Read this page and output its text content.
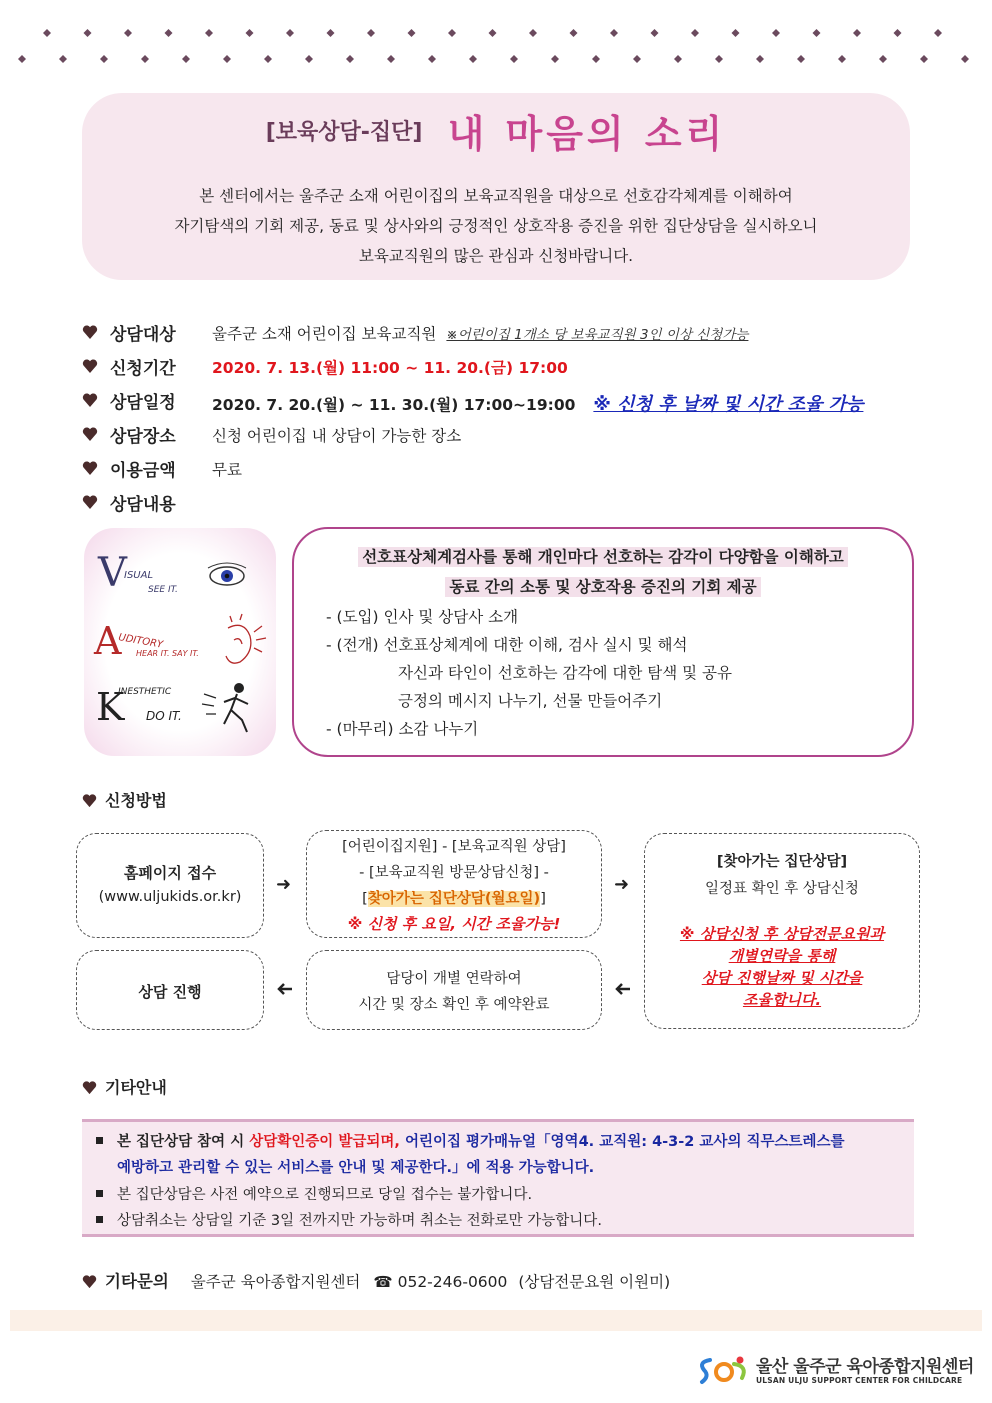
[보육상담-집단] 내 마음의 소리
본 센터에서는 울주군 소재 어린이집의 보육교직원을 대상으로 선호감각체계를 이해하여
자기탐색의 기회 제공, 동료 및 상사와의 긍정적인 상호작용 증진을 위한 집단상담을 실시하오니
보육교직원의 많은 관심과 신청바랍니다.
상담대상 울주군 소재 어린이집 보육교직원 ※어린이집 1개소 당 보육교직원 3인 이상 신청가능
신청기간 2020. 7. 13.(월) 11:00 ~ 11. 20.(금) 17:00
상담일정 2020. 7. 20.(월) ~ 11. 30.(월) 17:00~19:00 ※ 신청 후 날짜 및 시간 조율 가능
상담장소 신청 어린이집 내 상담이 가능한 장소
이용금액 무료
상담내용
V
ISUAL
SEE IT.
A
UDITORY
HEAR IT. SAY IT.
K
INESTHETIC
DO IT.
선호표상체계검사를 통해 개인마다 선호하는 감각이 다양함을 이해하고
동료 간의 소통 및 상호작용 증진의 기회 제공
- (도입) 인사 및 상담사 소개
- (전개) 선호표상체계에 대한 이해, 검사 실시 및 해석
자신과 타인이 선호하는 감각에 대한 탐색 및 공유
긍정의 메시지 나누기, 선물 만들어주기
- (마무리) 소감 나누기
신청방법
홈페이지 접수
(www.uljukids.or.kr)
➜
[어린이집지원] - [보육교직원 상담]
- [보육교직원 방문상담신청] -
[찾아가는 집단상담(월요일)]
※ 신청 후 요일, 시간 조율가능!
➜
[찾아가는 집단상담]
일정표 확인 후 상담신청
※ 상담신청 후 상담전문요원과
개별연락을 통해
상담 진행날짜 및 시간을
조율합니다.
담당이 개별 연락하여
시간 및 장소 확인 후 예약완료
상담 진행
기타안내
본 집단상담 참여 시 상담확인증이 발급되며, 어린이집 평가매뉴얼「영역4. 교직원: 4-3-2 교사의 직무스트레스를
예방하고 관리할 수 있는 서비스를 안내 및 제공한다.」에 적용 가능합니다.
본 집단상담은 사전 예약으로 진행되므로 당일 접수는 불가합니다.
상담취소는 상담일 기준 3일 전까지만 가능하며 취소는 전화로만 가능합니다.
기타문의 울주군 육아종합지원센터 ☎ 052-246-0600 (상담전문요원 이원미)
울산 울주군 육아종합지원센터
ULSAN ULJU SUPPORT CENTER FOR CHILDCARE
